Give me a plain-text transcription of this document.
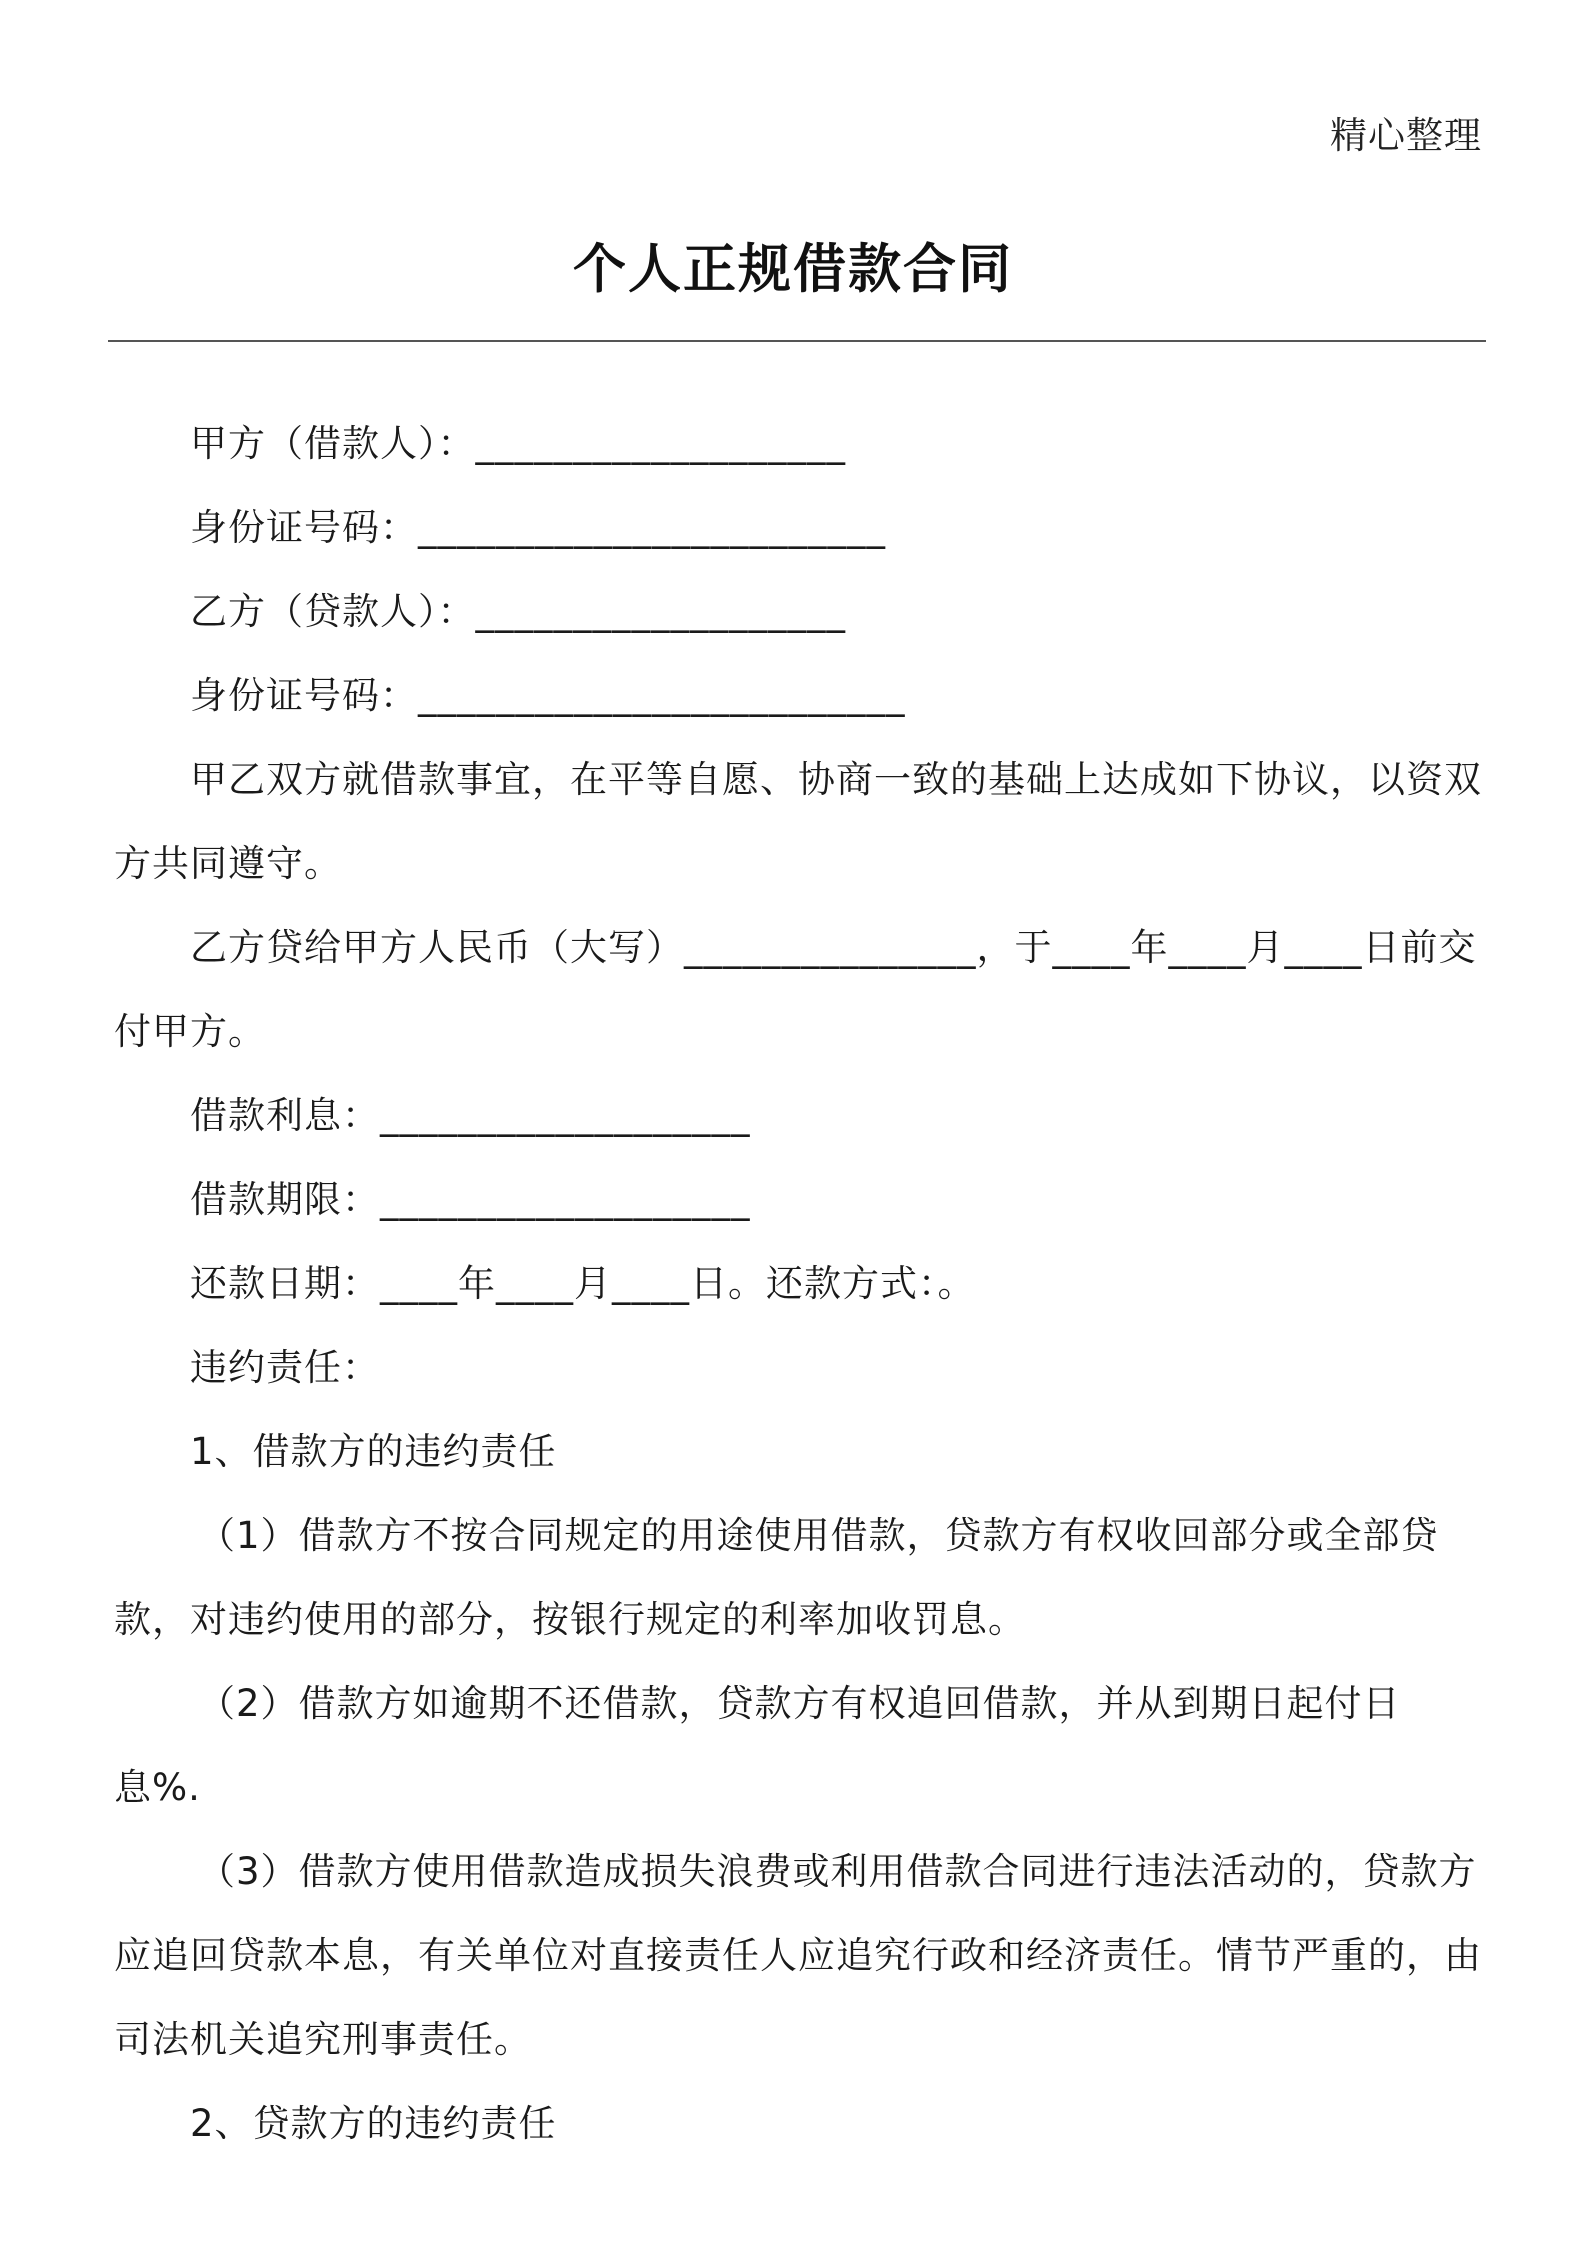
精心整理
个人正规借款合同

甲方（借款人）：___________________

身份证号码：________________________

乙方（贷款人）：___________________

身份证号码：_________________________

甲乙双方就借款事宜，在平等自愿、协商一致的基础上达成如下协议，以资双方共同遵守。

乙方贷给甲方人民币（大写）_______________，于____年____月____日前交付甲方。

借款利息：___________________

借款期限：___________________

还款日期：____年____月____日。还款方式：。

违约责任：

1、借款方的违约责任

（1）借款方不按合同规定的用途使用借款，贷款方有权收回部分或全部贷款，对违约使用的部分，按银行规定的利率加收罚息。

（2）借款方如逾期不还借款，贷款方有权追回借款，并从到期日起付日息%.

（3）借款方使用借款造成损失浪费或利用借款合同进行违法活动的，贷款方应追回贷款本息，有关单位对直接责任人应追究行政和经济责任。情节严重的，由司法机关追究刑事责任。

2、贷款方的违约责任
